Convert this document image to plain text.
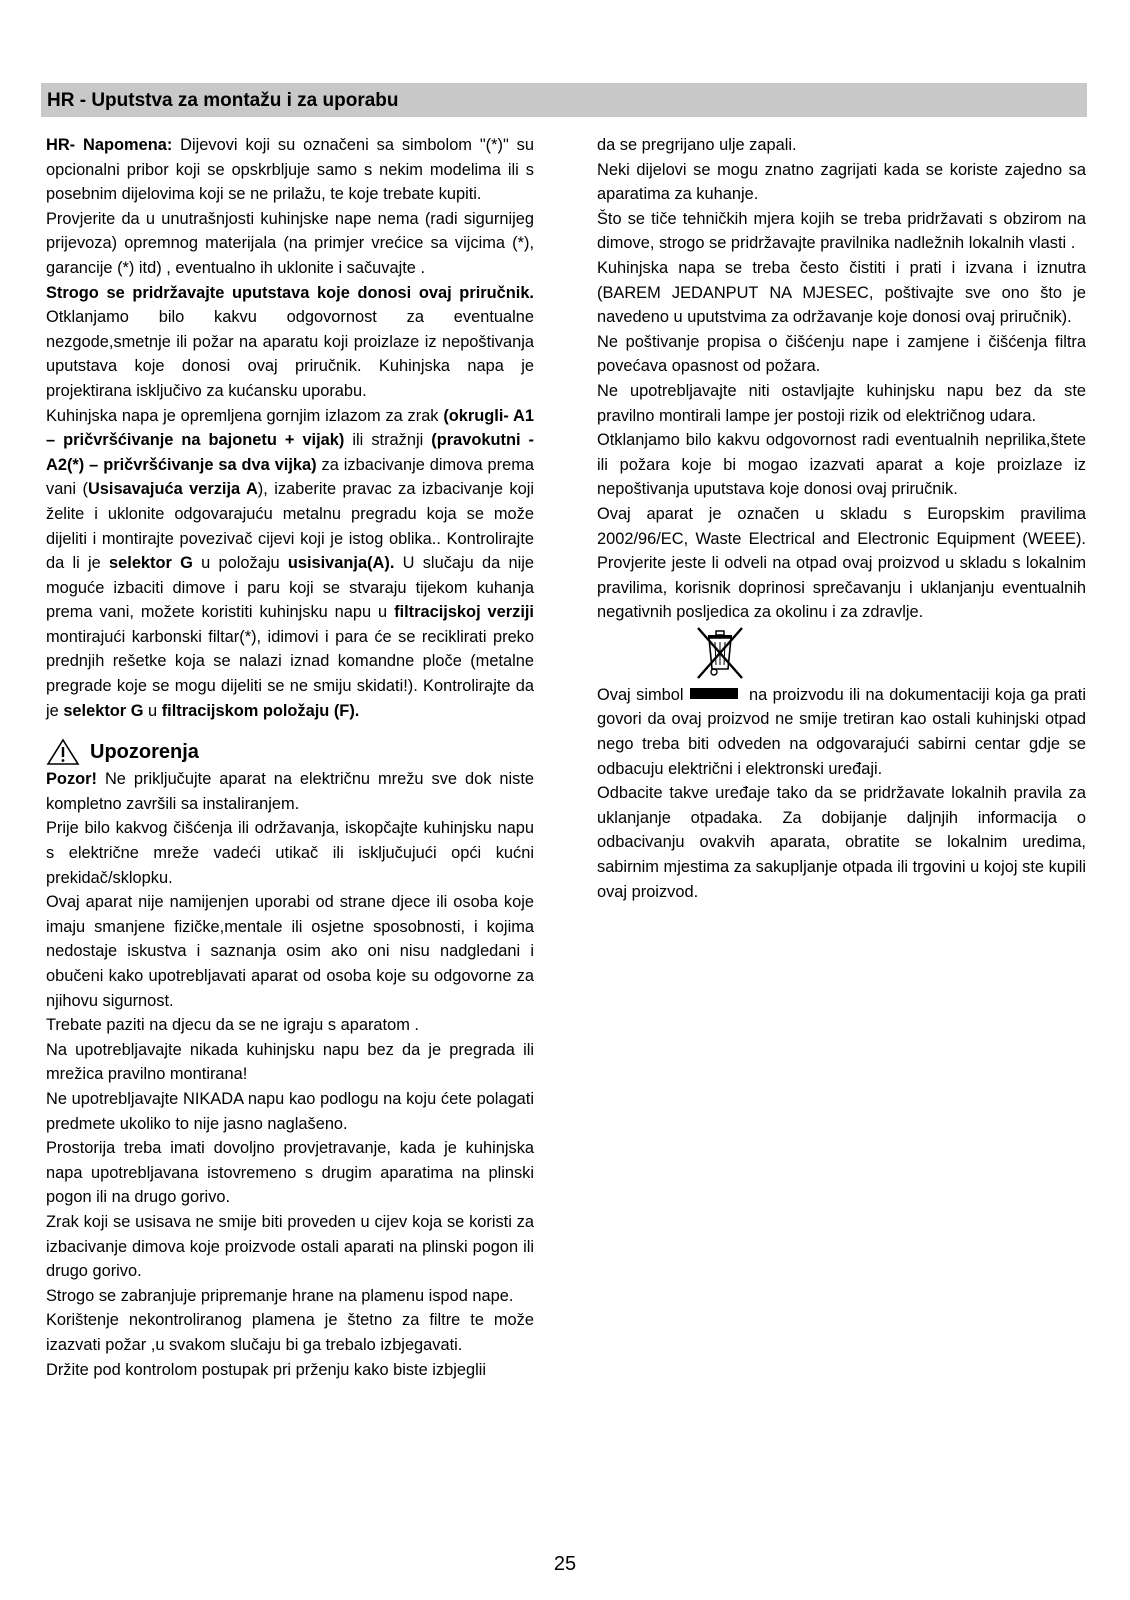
HR - Uputstva za montažu i za uporabu

HR- Napomena: Dijevovi koji su označeni sa simbolom "(*)" su opcionalni pribor koji se opskrbljuje samo s nekim modelima ili s posebnim dijelovima koji se ne prilažu, te koje trebate kupiti.

Provjerite da u unutrašnjosti kuhinjske nape nema (radi sigurnijeg prijevoza) opremnog materijala (na primjer vrećice sa vijcima (*), garancije (*) itd) , eventualno ih uklonite i sačuvajte .

Strogo se pridržavajte uputstava koje donosi ovaj priručnik. Otklanjamo bilo kakvu odgovornost za eventualne nezgode,smetnje ili požar na aparatu koji proizlaze iz nepoštivanja uputstava koje donosi ovaj priručnik. Kuhinjska napa je projektirana isključivo za kućansku uporabu.

Kuhinjska napa je opremljena gornjim izlazom za zrak (okrugli- A1 – pričvršćivanje na bajonetu + vijak) ili stražnji (pravokutni -A2(*) – pričvršćivanje sa dva vijka) za izbacivanje dimova prema vani (Usisavajuća verzija A), izaberite pravac za izbacivanje koji želite i uklonite odgovarajuću metalnu pregradu koja se može dijeliti i montirajte povezivač cijevi koji je istog oblika.. Kontrolirajte da li je selektor G u položaju usisivanja(A). U slučaju da nije moguće izbaciti dimove i paru koji se stvaraju tijekom kuhanja prema vani, možete koristiti kuhinjsku napu u filtracijskoj verziji montirajući karbonski filtar(*), idimovi i para će se reciklirati preko prednjih rešetke koja se nalazi iznad komandne ploče (metalne pregrade koje se mogu dijeliti se ne smiju skidati!). Kontrolirajte da je selektor G u filtracijskom položaju (F).

Upozorenja

Pozor! Ne priključujte aparat na električnu mrežu sve dok niste kompletno završili sa instaliranjem.

Prije bilo kakvog čišćenja ili održavanja, iskopčajte kuhinjsku napu s električne mreže vadeći utikač ili isključujući opći kućni prekidač/sklopku.

Ovaj aparat nije namijenjen uporabi od strane djece ili osoba koje imaju smanjene fizičke,mentale ili osjetne sposobnosti, i kojima nedostaje iskustva i saznanja osim ako oni nisu nadgledani i obučeni kako upotrebljavati aparat od osoba koje su odgovorne za njihovu sigurnost.

Trebate paziti na djecu da se ne igraju s aparatom .

Na upotrebljavajte nikada kuhinjsku napu bez da je pregrada ili mrežica pravilno montirana!

Ne upotrebljavajte NIKADA napu kao podlogu na koju ćete polagati predmete ukoliko to nije jasno naglašeno.

Prostorija treba imati dovoljno provjetravanje, kada je kuhinjska napa upotrebljavana istovremeno s drugim aparatima na plinski pogon ili na drugo gorivo.

Zrak koji se usisava ne smije biti proveden u cijev koja se koristi za izbacivanje dimova koje proizvode ostali aparati na plinski pogon ili drugo gorivo.

Strogo se zabranjuje pripremanje hrane na plamenu ispod nape.

Korištenje nekontroliranog plamena je štetno za filtre te može izazvati požar ,u svakom slučaju bi ga trebalo izbjegavati.

Držite pod kontrolom postupak pri prženju kako biste izbjeglii

da se pregrijano ulje zapali.

Neki dijelovi se mogu znatno zagrijati kada se koriste zajedno sa aparatima za kuhanje.

Što se tiče tehničkih mjera kojih se treba pridržavati s obzirom na dimove, strogo se pridržavajte pravilnika nadležnih lokalnih vlasti .

Kuhinjska napa se treba često čistiti i prati i izvana i iznutra (BAREM JEDANPUT NA MJESEC, poštivajte sve ono što je navedeno u uputstvima za održavanje koje donosi ovaj priručnik).

Ne poštivanje propisa o čišćenju nape i zamjene i čišćenja filtra povećava opasnost od požara.

Ne upotrebljavajte niti ostavljajte kuhinjsku napu bez da ste pravilno montirali lampe jer postoji rizik od električnog udara.

Otklanjamo bilo kakvu odgovornost radi eventualnih neprilika,štete ili požara koje bi mogao izazvati aparat a koje proizlaze iz nepoštivanja uputstava koje donosi ovaj priručnik.

Ovaj aparat je označen u skladu s Europskim pravilima 2002/96/EC, Waste Electrical and Electronic Equipment (WEEE). Provjerite jeste li odveli na otpad ovaj proizvod u skladu s lokalnim pravilima, korisnik doprinosi sprečavanju i uklanjanju eventualnih negativnih posljedica za okolinu i za zdravlje.

Ovaj simbol	na proizvodu ili na dokumentaciji koja ga prati govori da ovaj proizvod ne smije tretiran kao ostali kuhinjski otpad nego treba biti odveden na odgovarajući sabirni centar gdje se odbacuju električni i elektronski uređaji.

Odbacite takve uređaje tako da se pridržavate lokalnih pravila za uklanjanje otpadaka. Za dobijanje daljnjih informacija o odbacivanju ovakvih aparata, obratite se lokalnim uredima, sabirnim mjestima za sakupljanje otpada ili trgovini u kojoj ste kupili ovaj proizvod.

25
